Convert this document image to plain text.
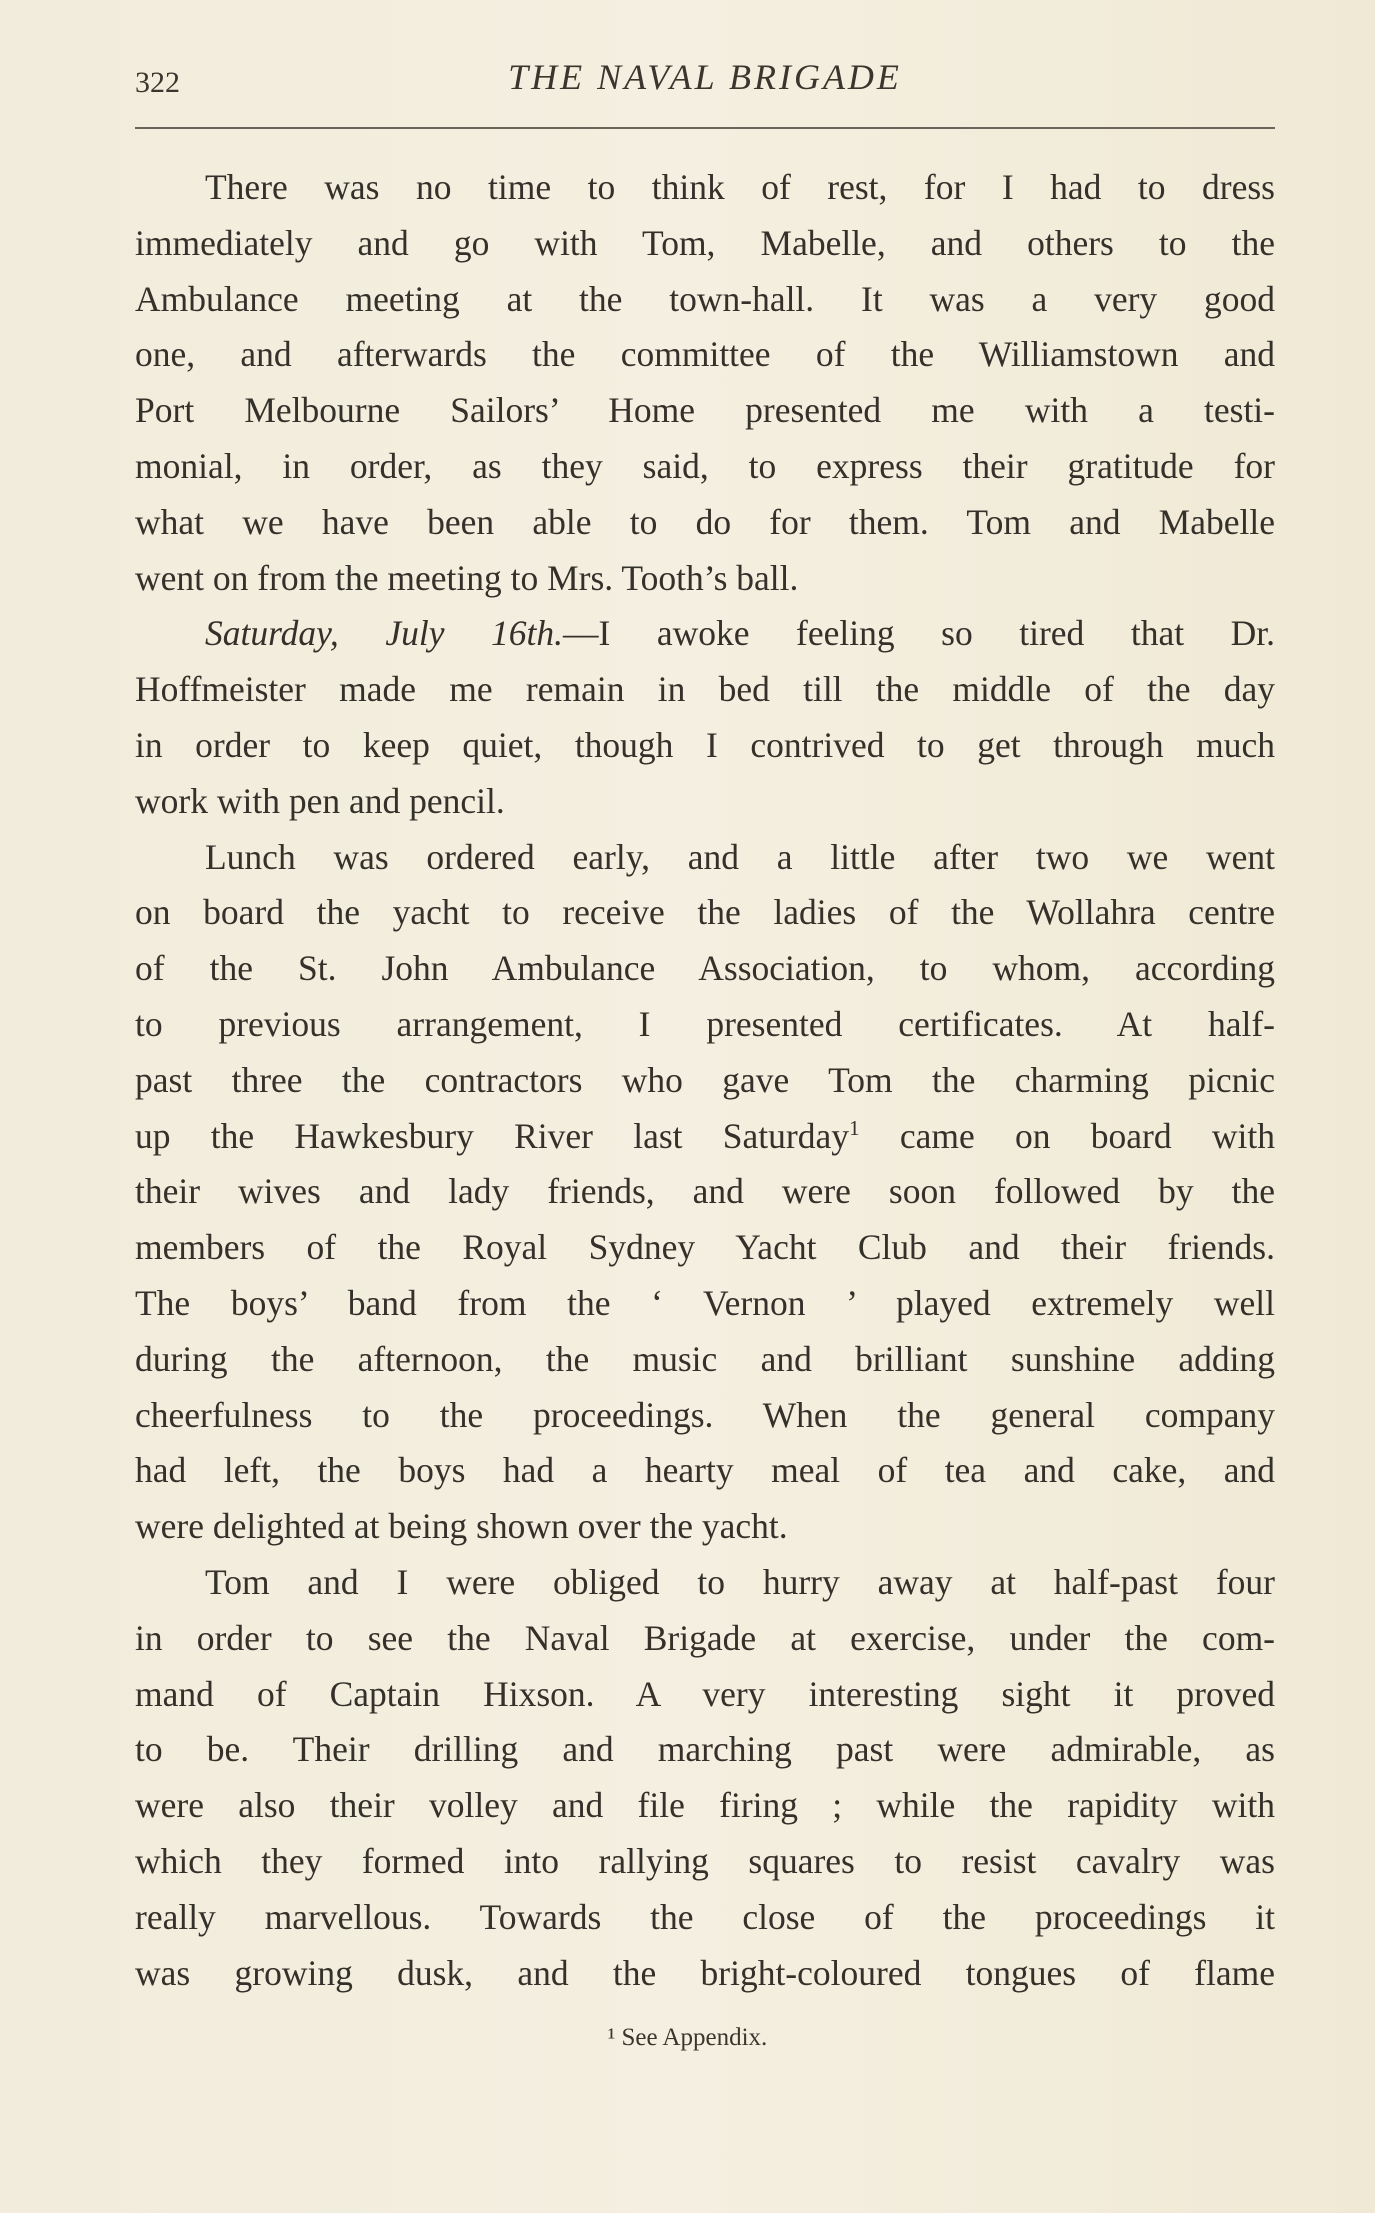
322	THE NAVAL BRIGADE
There was no time to think of rest, for I had to dress
immediately and go with Tom, Mabelle, and others to the
Ambulance meeting at the town-hall. It was a very good
one, and afterwards the committee of the Williamstown and
Port Melbourne Sailors’ Home presented me with a testi-
monial, in order, as they said, to express their gratitude for
what we have been able to do for them. Tom and Mabelle
went on from the meeting to Mrs. Tooth’s ball.
Saturday, July 16th.—I awoke feeling so tired that Dr.
Hoffmeister made me remain in bed till the middle of the day
in order to keep quiet, though I contrived to get through much
work with pen and pencil.
Lunch was ordered early, and a little after two we went
on board the yacht to receive the ladies of the Wollahra centre
of the St. John Ambulance Association, to whom, according
to previous arrangement, I presented certificates. At half-
past three the contractors who gave Tom the charming picnic
up the Hawkesbury River last Saturday$^1$ came on board with
their wives and lady friends, and were soon followed by the
members of the Royal Sydney Yacht Club and their friends.
The boys’ band from the ‘ Vernon ’ played extremely well
during the afternoon, the music and brilliant sunshine adding
cheerfulness to the proceedings. When the general company
had left, the boys had a hearty meal of tea and cake, and
were delighted at being shown over the yacht.
Tom and I were obliged to hurry away at half-past four
in order to see the Naval Brigade at exercise, under the com-
mand of Captain Hixson. A very interesting sight it proved
to be. Their drilling and marching past were admirable, as
were also their volley and file firing ; while the rapidity with
which they formed into rallying squares to resist cavalry was
really marvellous. Towards the close of the proceedings it
was growing dusk, and the bright-coloured tongues of flame
¹ See Appendix.
